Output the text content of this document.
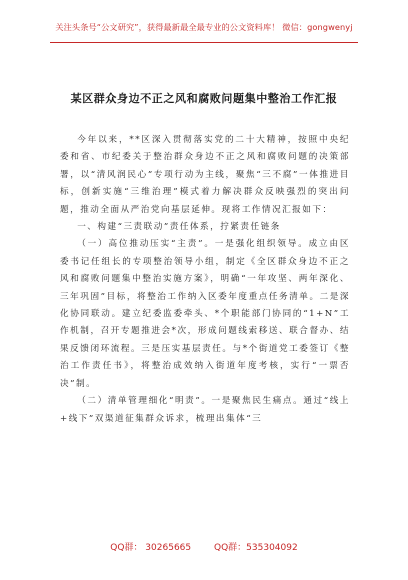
关注头条号“公文研究”，获得最新最全最专业的公文资料库！ 微信：gongwenyj
某区群众身边不正之风和腐败问题集中整治工作汇报

今年以来，**区深入贯彻落实党的二十大精神，按照中央纪委和省、市纪委关于整治群众身边不正之风和腐败问题的决策部署，以“清风润民心”专项行动为主线，聚焦“三不腐”一体推进目标，创新实施“三维治理”模式着力解决群众反映强烈的突出问题，推动全面从严治党向基层延伸。现将工作情况汇报如下：

一、构建“三责联动”责任体系，拧紧责任链条

（一）高位推动压实“主责”。一是强化组织领导。成立由区委书记任组长的专项整治领导小组，制定《全区群众身边不正之风和腐败问题集中整治实施方案》，明确“一年攻坚、两年深化、三年巩固”目标，将整治工作纳入区委年度重点任务清单。二是深化协同联动。建立纪委监委牵头、*个职能部门协同的“1+N”工作机制，召开专题推进会*次，形成问题线索移送、联合督办、结果反馈闭环流程。三是压实基层责任。与*个街道党工委签订《整治工作责任书》，将整治成效纳入街道年度考核，实行“一票否决”制。

（二）清单管理细化“明责”。一是聚焦民生痛点。通过“线上+线下”双渠道征集群众诉求，梳理出集体“三

QQ群： 30265665	QQ群：535304092
